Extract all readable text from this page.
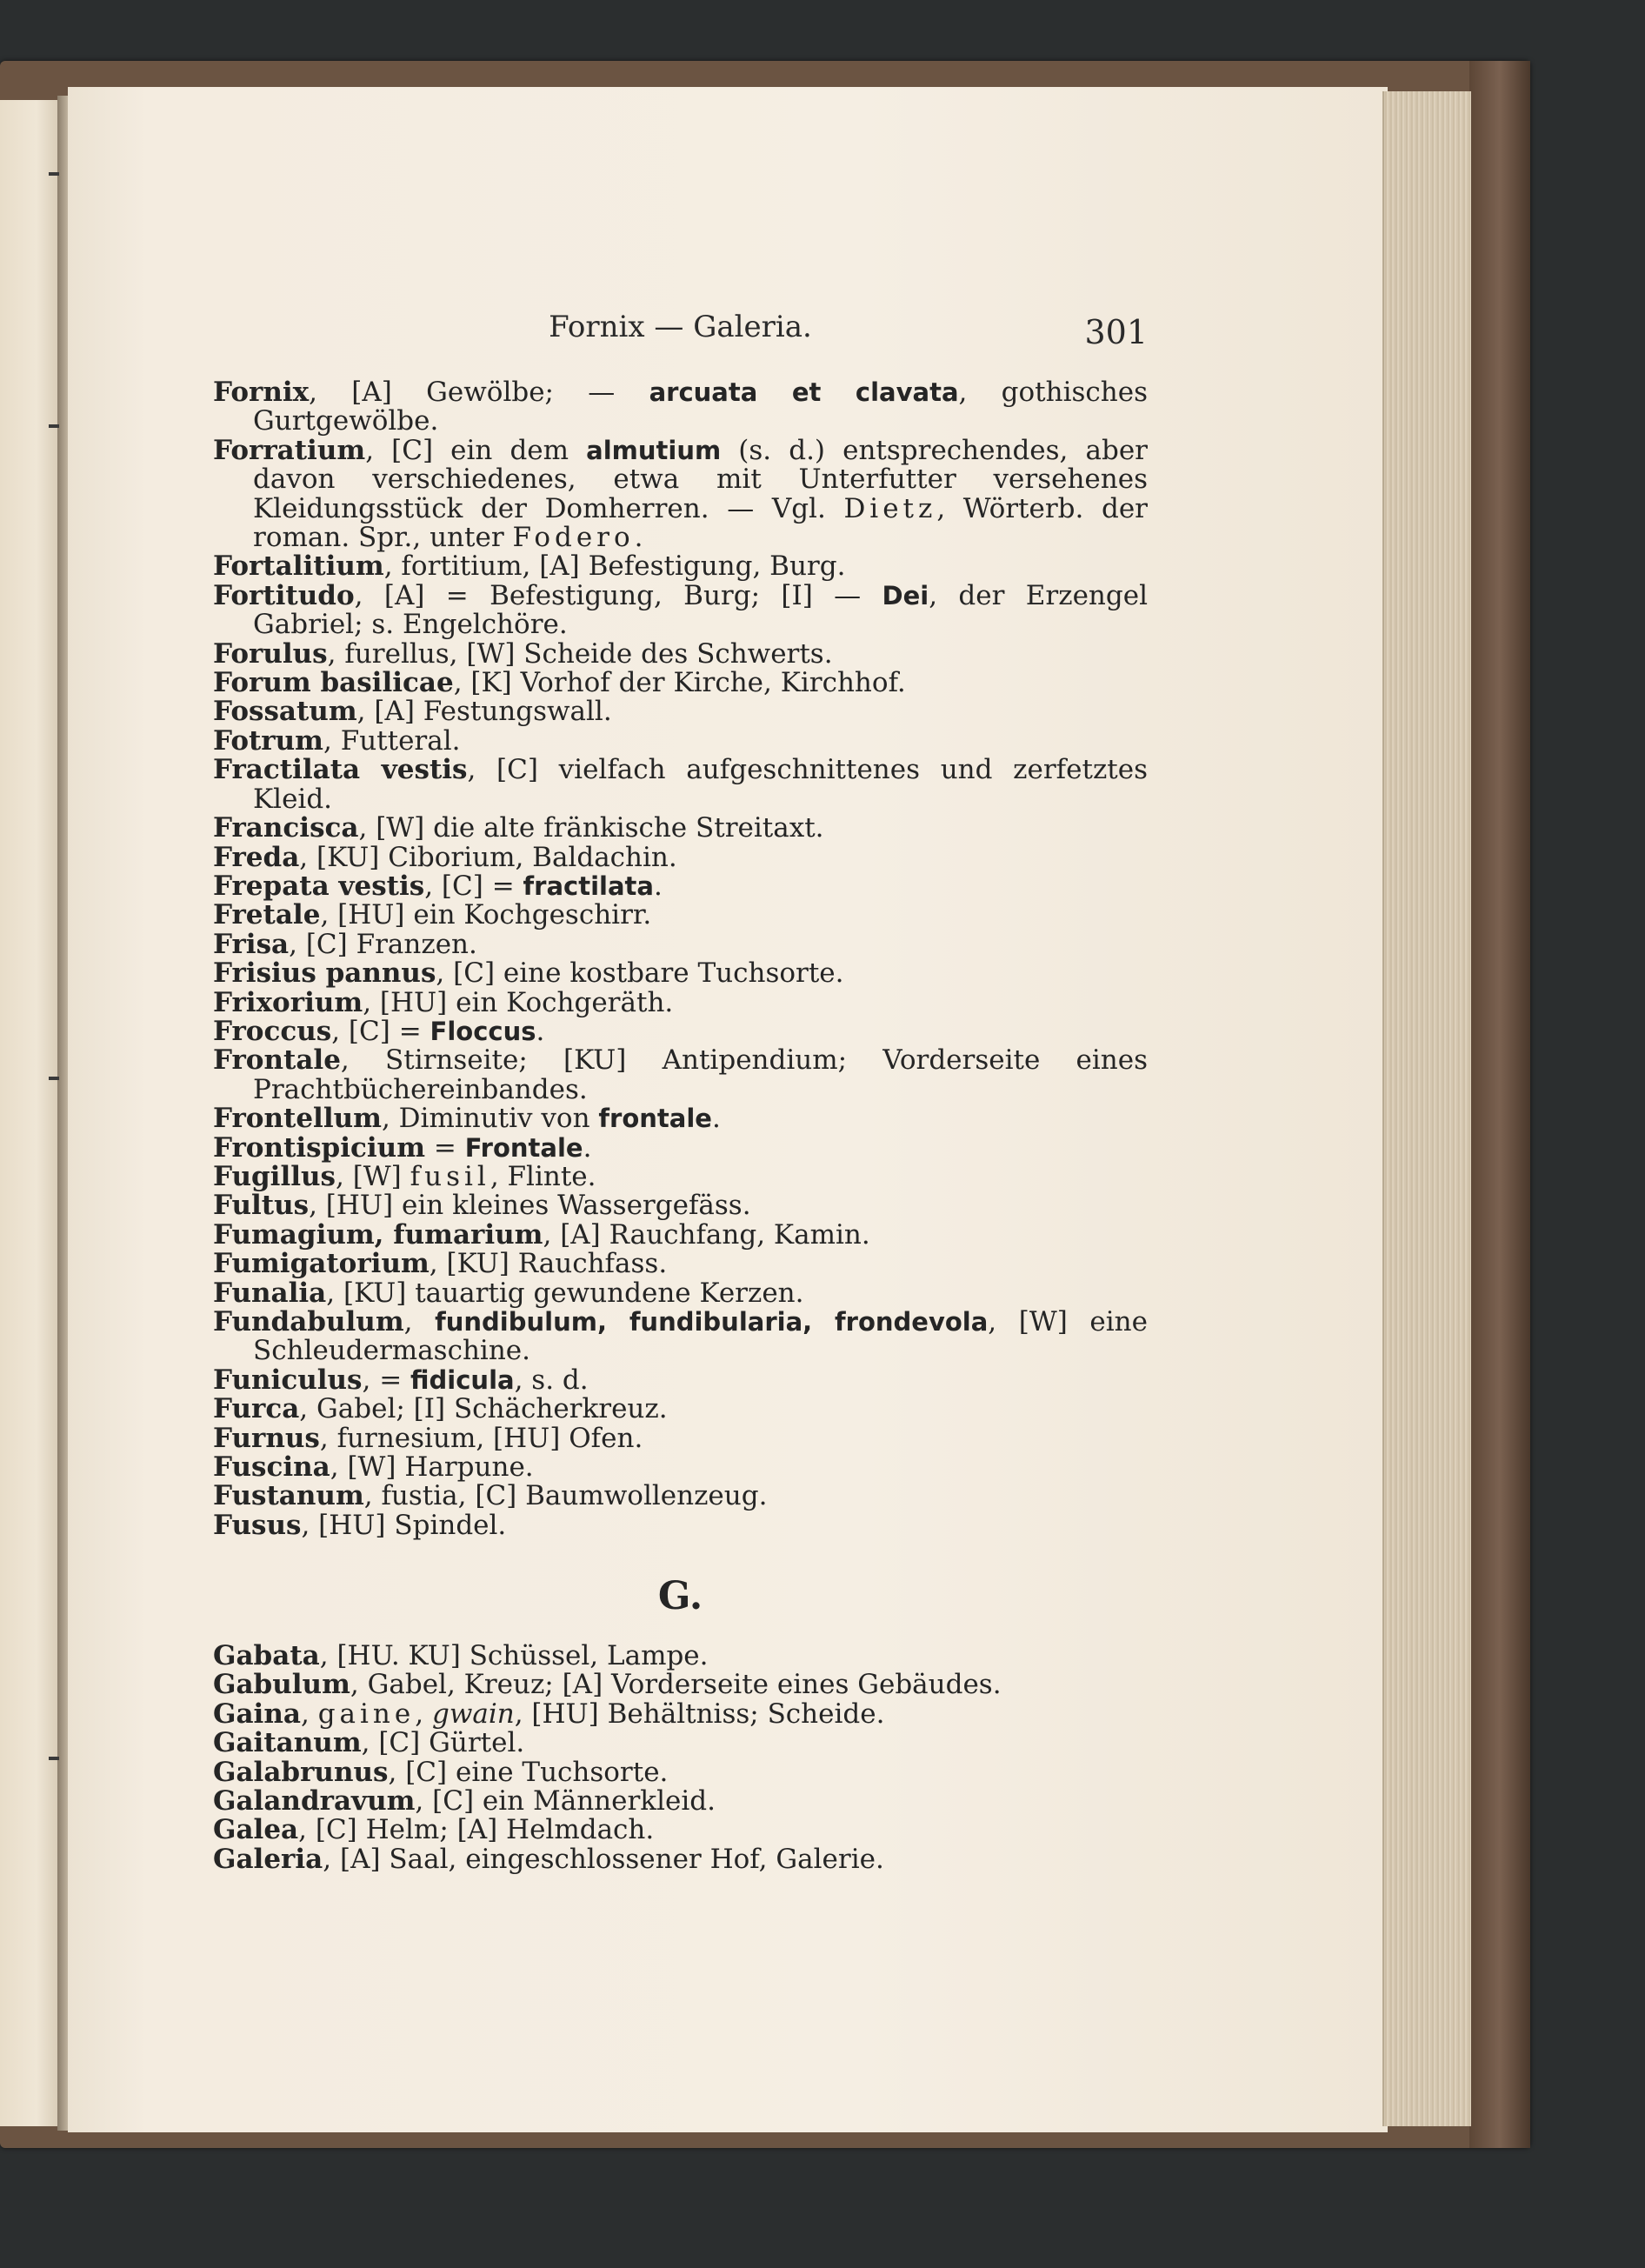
Fornix — Galeria.	301
Fornix, [A] Gewölbe; — arcuata et clavata, gothisches Gurtgewölbe.
Forratium, [C] ein dem almutium (s. d.) entsprechendes, aber davon verschiedenes, etwa mit Unterfutter versehenes Kleidungsstück der Domherren. — Vgl. Dietz, Wörterb. der roman. Spr., unter Fodero.
Fortalitium, fortitium, [A] Befestigung, Burg.
Fortitudo, [A] = Befestigung, Burg; [I] — Dei, der Erzengel Gabriel; s. Engelchöre.
Forulus, furellus, [W] Scheide des Schwerts.
Forum basilicae, [K] Vorhof der Kirche, Kirchhof.
Fossatum, [A] Festungswall.
Fotrum, Futteral.
Fractilata vestis, [C] vielfach aufgeschnittenes und zerfetztes Kleid.
Francisca, [W] die alte fränkische Streitaxt.
Freda, [KU] Ciborium, Baldachin.
Frepata vestis, [C] = fractilata.
Fretale, [HU] ein Kochgeschirr.
Frisa, [C] Franzen.
Frisius pannus, [C] eine kostbare Tuchsorte.
Frixorium, [HU] ein Kochgeräth.
Froccus, [C] = Floccus.
Frontale, Stirnseite; [KU] Antipendium; Vorderseite eines Prachtbüchereinbandes.
Frontellum, Diminutiv von frontale.
Frontispicium = Frontale.
Fugillus, [W] fusil, Flinte.
Fultus, [HU] ein kleines Wassergefäss.
Fumagium, fumarium, [A] Rauchfang, Kamin.
Fumigatorium, [KU] Rauchfass.
Funalia, [KU] tauartig gewundene Kerzen.
Fundabulum, fundibulum, fundibularia, frondevola, [W] eine Schleudermaschine.
Funiculus, = fidicula, s. d.
Furca, Gabel; [I] Schächerkreuz.
Furnus, furnesium, [HU] Ofen.
Fuscina, [W] Harpune.
Fustanum, fustia, [C] Baumwollenzeug.
Fusus, [HU] Spindel.
G.
Gabata, [HU. KU] Schüssel, Lampe.
Gabulum, Gabel, Kreuz; [A] Vorderseite eines Gebäudes.
Gaina, gaine, gwain, [HU] Behältniss; Scheide.
Gaitanum, [C] Gürtel.
Galabrunus, [C] eine Tuchsorte.
Galandravum, [C] ein Männerkleid.
Galea, [C] Helm; [A] Helmdach.
Galeria, [A] Saal, eingeschlossener Hof, Galerie.
